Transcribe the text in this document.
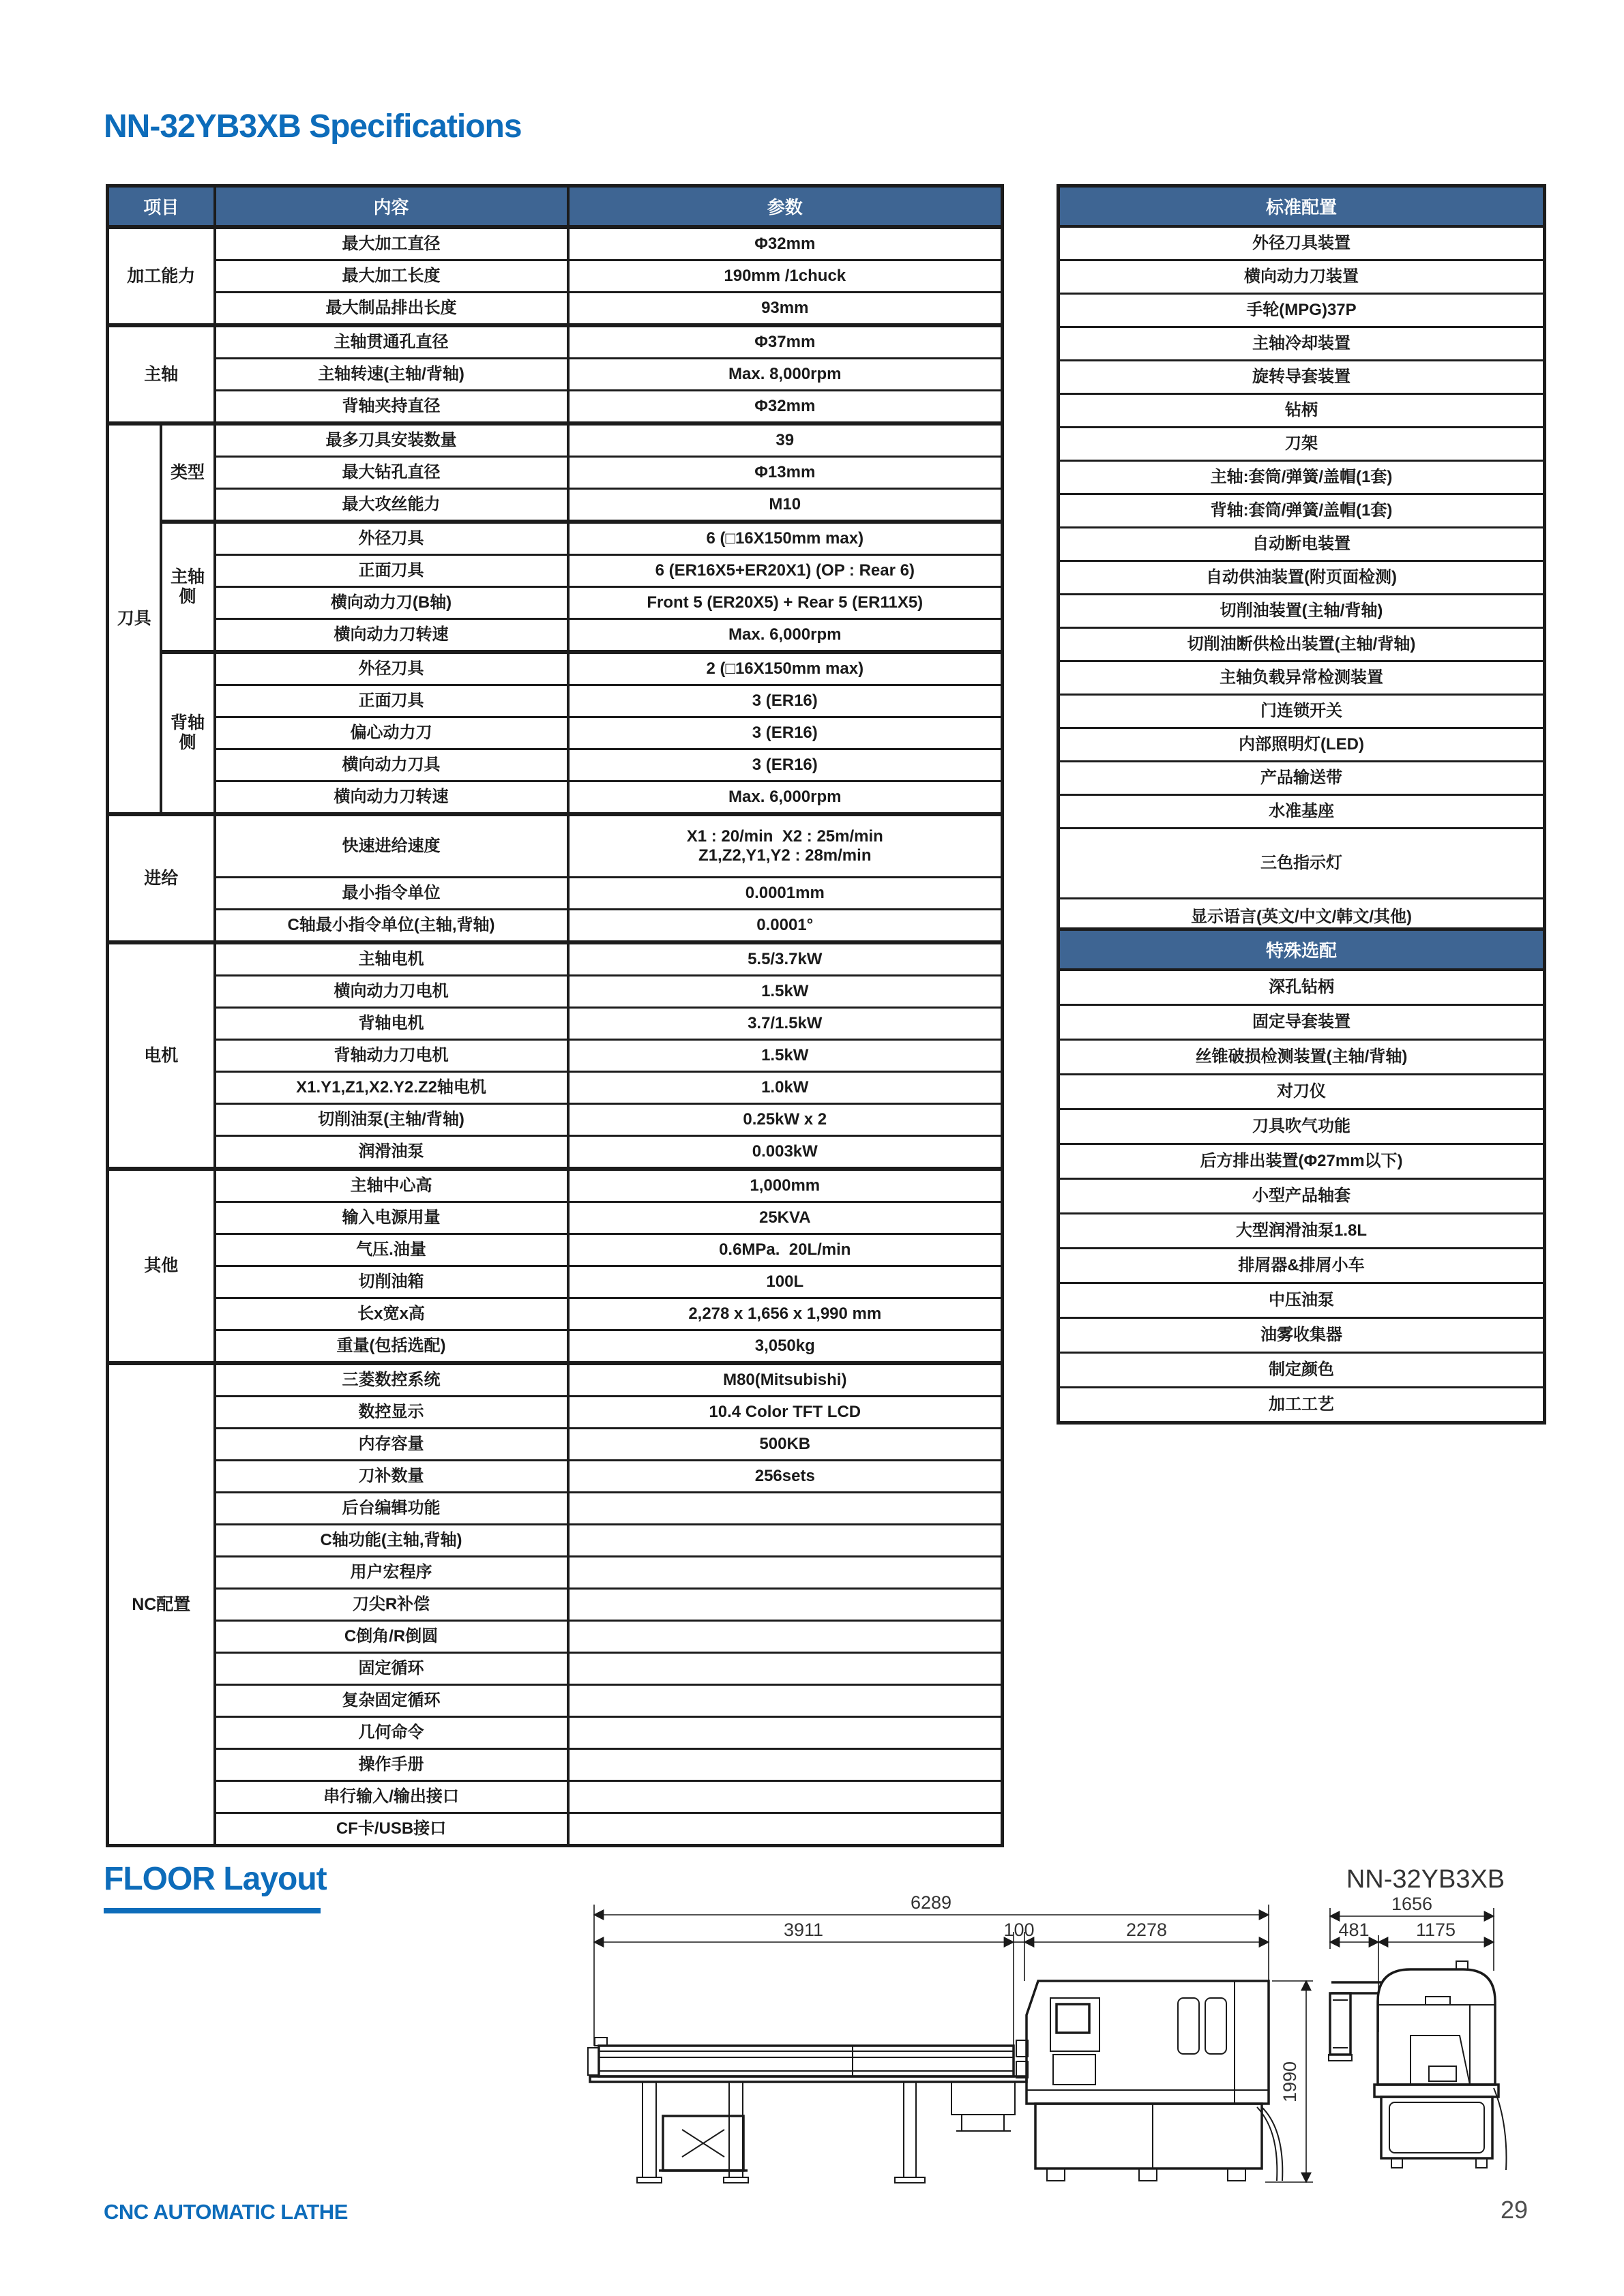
NN-32YB3XB Specifications
项目		内容	参数
加工能力		最大加工直径	Φ32mm
		最大加工长度	190mm /1chuck
		最大制品排出长度	93mm
主轴		主轴贯通孔直径	Φ37mm
		主轴转速(主轴/背轴)	Max. 8,000rpm
		背轴夹持直径	Φ32mm
刀具	类型	最多刀具安装数量	39
		最大钻孔直径	Φ13mm
		最大攻丝能力	M10
	主轴侧	外径刀具	6 (□16X150mm max)
		正面刀具	6 (ER16X5+ER20X1) (OP : Rear 6)
		横向动力刀(B轴)	Front 5 (ER20X5) + Rear 5 (ER11X5)
		横向动力刀转速	Max. 6,000rpm
	背轴侧	外径刀具	2 (□16X150mm max)
		正面刀具	3 (ER16)
		偏心动力刀	3 (ER16)
		横向动力刀具	3 (ER16)
		横向动力刀转速	Max. 6,000rpm
进给		快速进给速度	X1 : 20/min  X2 : 25m/min
Z1,Z2,Y1,Y2 : 28m/min

		最小指令单位	0.0001mm
		C轴最小指令单位(主轴,背轴)	0.0001°
电机		主轴电机	5.5/3.7kW
		横向动力刀电机	1.5kW
		背轴电机	3.7/1.5kW
		背轴动力刀电机	1.5kW
		X1.Y1,Z1,X2.Y2.Z2轴电机	1.0kW
		切削油泵(主轴/背轴)	0.25kW x 2
		润滑油泵	0.003kW
其他		主轴中心高	1,000mm
		输入电源用量	25KVA
		气压.油量	0.6MPa.  20L/min
		切削油箱	100L
		长x宽x高	2,278 x 1,656 x 1,990 mm
		重量(包括选配)	3,050kg
NC配置		三菱数控系统	M80(Mitsubishi)
		数控显示	10.4 Color TFT LCD
		内存容量	500KB
		刀补数量	256sets
		后台编辑功能	
		C轴功能(主轴,背轴)	
		用户宏程序	
		刀尖R补偿	
		C倒角/R倒圆	
		固定循环	
		复杂固定循环	
		几何命令	
		操作手册	
		串行输入/输出接口	
		CF卡/USB接口	
标准配置
外径刀具装置
横向动力刀装置
手轮(MPG)37P
主轴冷却装置
旋转导套装置
钻柄
刀架
主轴:套筒/弹簧/盖帽(1套)
背轴:套筒/弹簧/盖帽(1套)
自动断电装置
自动供油装置(附页面检测)
切削油装置(主轴/背轴)
切削油断供检出装置(主轴/背轴)
主轴负载异常检测装置
门连锁开关
内部照明灯(LED)
产品输送带
水准基座
三色指示灯
显示语言(英文/中文/韩文/其他)
特殊选配
深孔钻柄
固定导套装置
丝锥破损检测装置(主轴/背轴)
对刀仪
刀具吹气功能
后方排出装置(Φ27mm以下)
小型产品轴套
大型润滑油泵1.8L
排屑器&排屑小车
中压油泵
油雾收集器
制定颜色
加工工艺
FLOOR Layout
6289
3911	100	2278
1990
NN-32YB3XB
1656
481	1175
CNC AUTOMATIC LATHE	29
